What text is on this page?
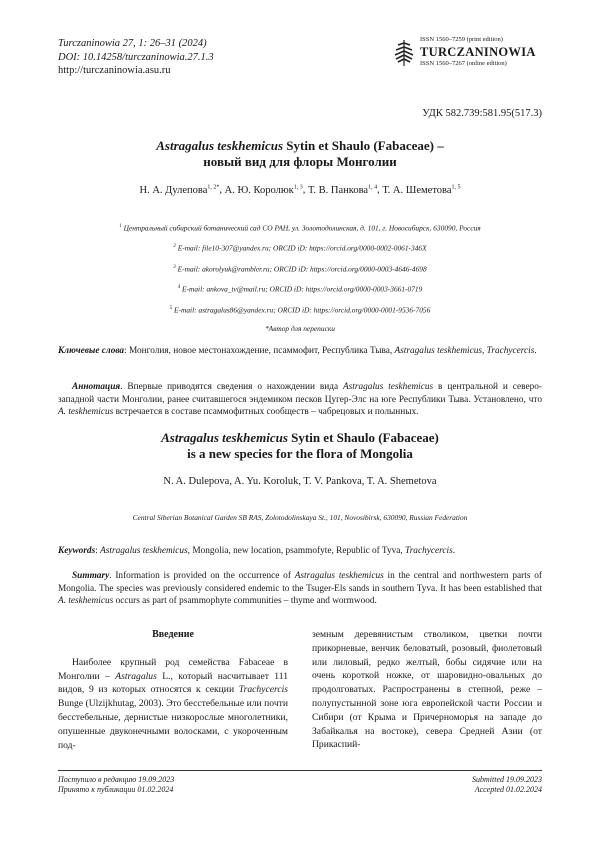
Turczaninowia 27, 1: 26–31 (2024)
DOI: 10.14258/turczaninowia.27.1.3
http://turczaninowia.asu.ru
ISSN 1560–7259 (print edition)
TURCZANINOWIA
ISSN 1560–7267 (online edition)
УДК 582.739:581.95(517.3)
Astragalus teskhemicus Sytin et Shaulo (Fabaceae) –
новый вид для флоры Монголии
Н. А. Дулепова$^{1, 2*}$, А. Ю. Королюк$^{1, 3}$, Т. В. Панкова$^{1, 4}$, Т. А. Шеметова$^{1, 5}$
$^1$ Центральный сибирский ботанический сад СО РАН, ул. Золотодолинская, д. 101, г. Новосибирск, 630090, Россия
$^2$ E-mail: file10-307@yandex.ru; ORCID iD: https://orcid.org/0000-0002-0061-346X
$^3$ E-mail: akorolyuk@rambler.ru; ORCID iD: https://orcid.org/0000-0003-4646-4698
$^4$ E-mail: ankova_tv@mail.ru; ORCID iD: https://orcid.org/0000-0003-3661-0719
$^5$ E-mail: astragalus86@yandex.ru; ORCID iD: https://orcid.org/0000-0001-9536-7056
*Автор для переписки
Ключевые слова: Монголия, новое местонахождение, псаммофит, Республика Тыва, Astragalus teskhemicus, Trachycercis.
Аннотация. Впервые приводятся сведения о нахождении вида Astragalus teskhemicus в центральной и северо-западной части Монголии, ранее считавшегося эндемиком песков Цугер-Элс на юге Республики Тыва. Установлено, что A. teskhemicus встречается в составе псаммофитных сообществ – чабрецовых и полынных.
Astragalus teskhemicus Sytin et Shaulo (Fabaceae)
is a new species for the flora of Mongolia
N. A. Dulepova, A. Yu. Koroluk, T. V. Pankova, T. A. Shemetova
Central Siberian Botanical Garden SB RAS, Zolotodolinskaya St., 101, Novosibirsk, 630090, Russian Federation
Keywords: Astragalus teskhemicus, Mongolia, new location, psammofyte, Republic of Tyva, Trachycercis.
Summary. Information is provided on the occurrence of Astragalus teskhemicus in the central and northwestern parts of Mongolia. The species was previously considered endemic to the Tsuger-Els sands in southern Tyva. It has been established that A. teskhemicus occurs as part of psammophyte communities – thyme and wormwood.
Введение
Наиболее крупный род семейства Fabaceae в Монголии – Astragalus L., который насчитывает 111 видов, 9 из которых относятся к секции Trachycercis Bunge (Ulzijkhutag, 2003). Это бесстебельные или почти бесстебельные, дернистые низкорослые многолетники, опушенные двуконечными волосками, с укороченным под-
земным деревянистым стволиком, цветки почти прикорневые, венчик беловатый, розовый, фиолетовый или лиловый, редко желтый, бобы сидячие или на очень короткой ножке, от шаровидно-овальных до продолговатых. Распространены в степной, реже – полупустынной зоне юга европейской части России и Сибири (от Крыма и Причерноморья на западе до Забайкалья на востоке), севера Средней Азии (от Прикаспий-
Поступило в редакцию 19.09.2023
Принято к публикации 01.02.2024
Submitted 19.09.2023
Accepted 01.02.2024
